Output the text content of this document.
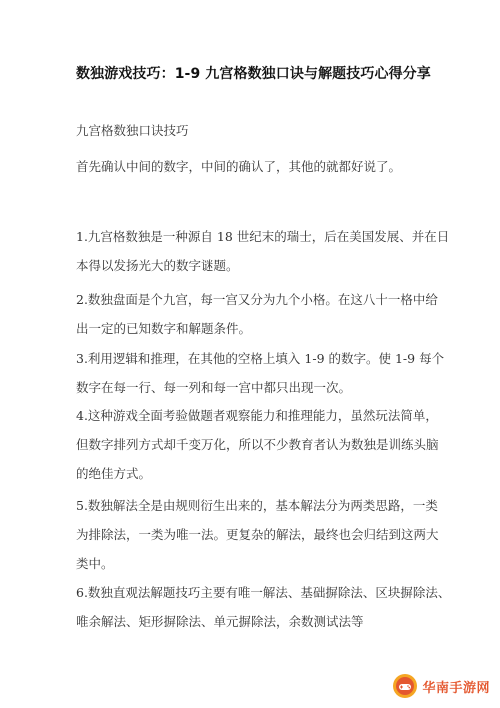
数独游戏技巧：1-9 九宫格数独口诀与解题技巧心得分享
九宫格数独口诀技巧
首先确认中间的数字，中间的确认了，其他的就都好说了。

1.九宫格数独是一种源自 18 世纪末的瑞士，后在美国发展、并在日
本得以发扬光大的数字谜题。

2.数独盘面是个九宫，每一宫又分为九个小格。在这八十一格中给
出一定的已知数字和解题条件。

3.利用逻辑和推理，在其他的空格上填入 1-9 的数字。使 1-9 每个
数字在每一行、每一列和每一宫中都只出现一次。

4.这种游戏全面考验做题者观察能力和推理能力，虽然玩法简单，
但数字排列方式却千变万化，所以不少教育者认为数独是训练头脑
的绝佳方式。

5.数独解法全是由规则衍生出来的，基本解法分为两类思路，一类
为排除法，一类为唯一法。更复杂的解法，最终也会归结到这两大
类中。

6.数独直观法解题技巧主要有唯一解法、基础摒除法、区块摒除法、
唯余解法、矩形摒除法、单元摒除法，余数测试法等

华南手游网
